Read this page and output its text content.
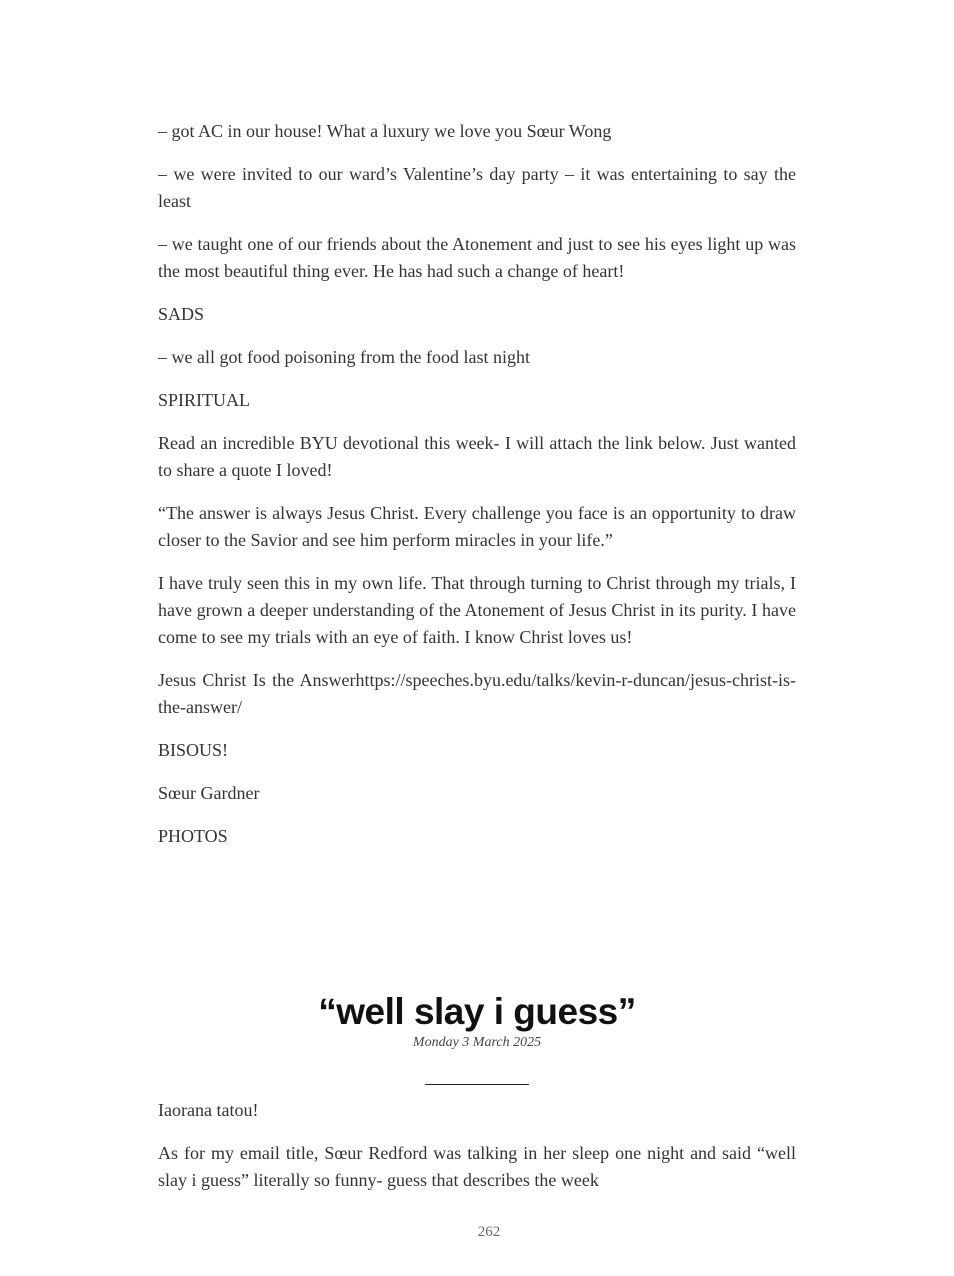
– got AC in our house! What a luxury we love you Sœur Wong

– we were invited to our ward’s Valentine’s day party – it was entertaining to say the least

– we taught one of our friends about the Atonement and just to see his eyes light up was the most beautiful thing ever. He has had such a change of heart!

SADS

– we all got food poisoning from the food last night

SPIRITUAL

Read an incredible BYU devotional this week- I will attach the link below. Just wanted to share a quote I loved!

“The answer is always Jesus Christ. Every challenge you face is an opportunity to draw closer to the Savior and see him perform miracles in your life.”

I have truly seen this in my own life. That through turning to Christ through my trials, I have grown a deeper understanding of the Atonement of Jesus Christ in its purity. I have come to see my trials with an eye of faith. I know Christ loves us!

Jesus Christ Is the Answerhttps://speeches.byu.edu/talks/kevin-r-duncan/jesus-christ-is-the-answer/

BISOUS!

Sœur Gardner

PHOTOS

“well slay i guess”

Monday 3 March 2025

Iaorana tatou!

As for my email title, Sœur Redford was talking in her sleep one night and said “well slay i guess” literally so funny- guess that describes the week

262
